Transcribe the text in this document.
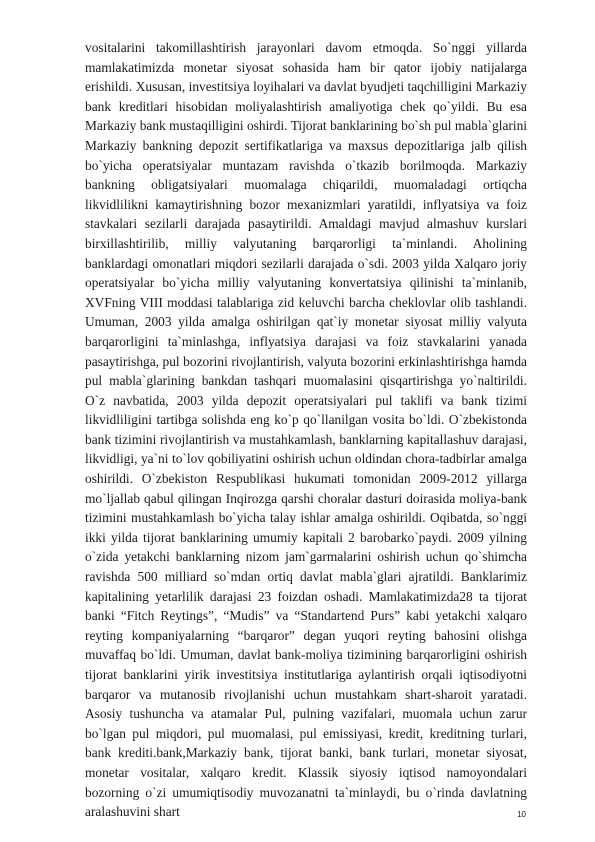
vositalarini takomillashtirish jarayonlari davom etmoqda. So`nggi yillarda mamlakatimizda monetar siyosat sohasida ham bir qator ijobiy natijalarga erishildi. Xususan, investitsiya loyihalari va davlat byudjeti taqchilligini Markaziy bank kreditlari hisobidan moliyalashtirish amaliyotiga chek qo`yildi. Bu esa Markaziy bank mustaqilligini oshirdi. Tijorat banklarining bo`sh pul mabla`glarini Markaziy bankning depozit sertifikatlariga va maxsus depozitlariga jalb qilish bo`yicha operatsiyalar muntazam ravishda o`tkazib borilmoqda. Markaziy bankning obligatsiyalari muomalaga chiqarildi, muomaladagi ortiqcha likvidlilikni kamaytirishning bozor mexanizmlari yaratildi, inflyatsiya va foiz stavkalari sezilarli darajada pasaytirildi. Amaldagi mavjud almashuv kurslari birxillashtirilib, milliy valyutaning barqarorligi ta`minlandi. Aholining banklardagi omonatlari miqdori sezilarli darajada o`sdi. 2003 yilda Xalqaro joriy operatsiyalar bo`yicha milliy valyutaning konvertatsiya qilinishi ta`minlanib, XVFning VIII moddasi talablariga zid keluvchi barcha cheklovlar olib tashlandi. Umuman, 2003 yilda amalga oshirilgan qat`iy monetar siyosat milliy valyuta barqarorligini ta`minlashga, inflyatsiya darajasi va foiz stavkalarini yanada pasaytirishga, pul bozorini rivojlantirish, valyuta bozorini erkinlashtirishga hamda pul mabla`glarining bankdan tashqari muomalasini qisqartirishga yo`naltirildi. O`z navbatida, 2003 yilda depozit operatsiyalari pul taklifi va bank tizimi likvidliligini tartibga solishda eng ko`p qo`llanilgan vosita bo`ldi. O`zbekistonda bank tizimini rivojlantirish va mustahkamlash, banklarning kapitallashuv darajasi, likvidligi, ya`ni to`lov qobiliyatini oshirish uchun oldindan chora-tadbirlar amalga oshirildi. O`zbekiston Respublikasi hukumati tomonidan 2009-2012 yillarga mo`ljallab qabul qilingan Inqirozga qarshi choralar dasturi doirasida moliya-bank tizimini mustahkamlash bo`yicha talay ishlar amalga oshirildi. Oqibatda, so`nggi ikki yilda tijorat banklarining umumiy kapitali 2 barobarko`paydi. 2009 yilning o`zida yetakchi banklarning nizom jam`garmalarini oshirish uchun qo`shimcha ravishda 500 milliard so`mdan ortiq davlat mabla`glari ajratildi. Banklarimiz kapitalining yetarlilik darajasi 23 foizdan oshadi. Mamlakatimizda28 ta tijorat banki “Fitch Reytings”, “Mudis” va “Standartend Purs” kabi yetakchi xalqaro reyting kompaniyalarning “barqaror” degan yuqori reyting bahosini olishga muvaffaq bo`ldi. Umuman, davlat bank-moliya tizimining barqarorligini oshirish tijorat banklarini yirik investitsiya institutlariga aylantirish orqali iqtisodiyotni barqaror va mutanosib rivojlanishi uchun mustahkam shart-sharoit yaratadi. Asosiy tushuncha va atamalar Pul, pulning vazifalari, muomala uchun zarur bo`lgan pul miqdori, pul muomalasi, pul emissiyasi, kredit, kreditning turlari, bank krediti.bank,Markaziy bank, tijorat banki, bank turlari, monetar siyosat, monetar vositalar, xalqaro kredit. Klassik siyosiy iqtisod namoyondalari bozorning o`zi umumiqtisodiy muvozanatni ta`minlaydi, bu o`rinda davlatning aralashuvini shart	10
